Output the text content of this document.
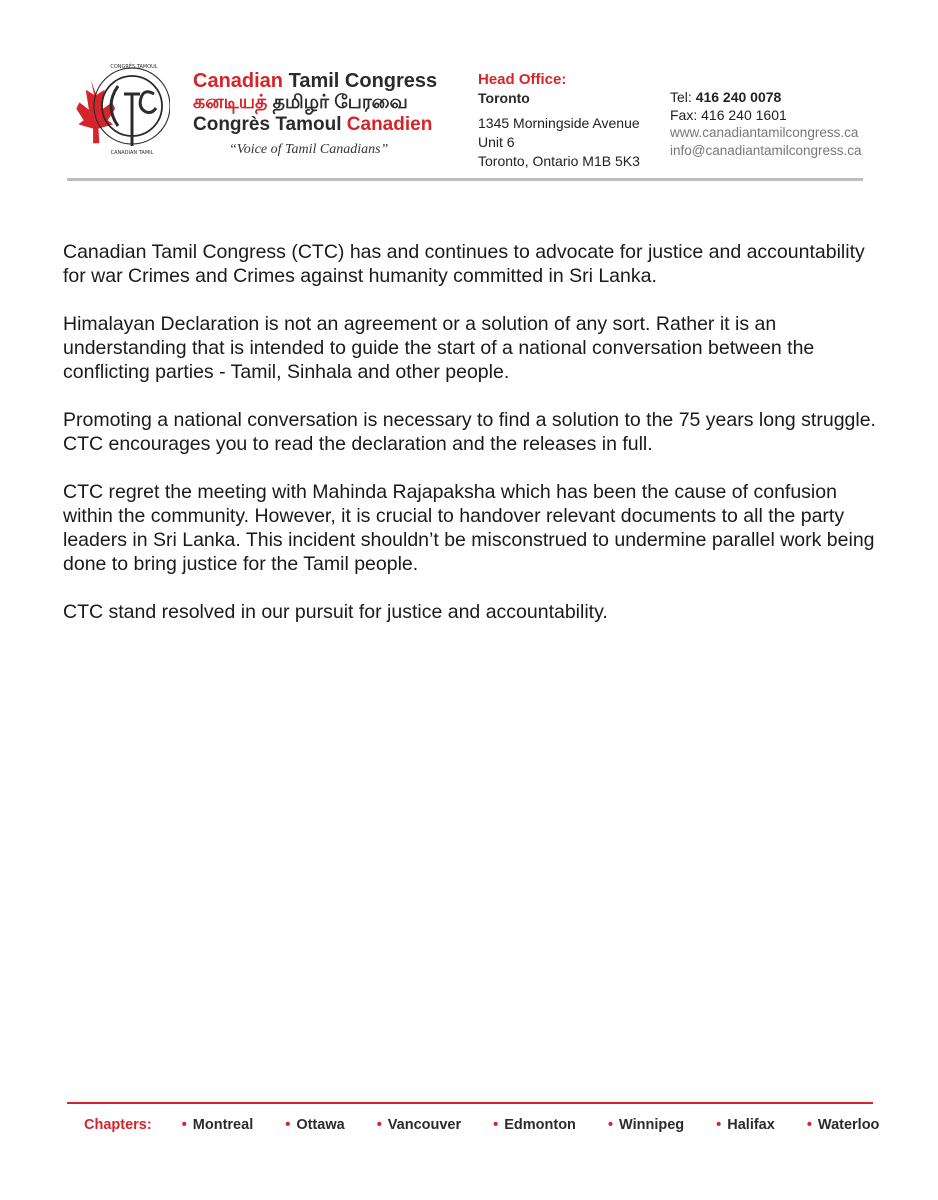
CONGRÈS TAMOUL
CANADIAN TAMIL
Canadian Tamil Congress
கனடியத் தமிழர் பேரவை
Congrès Tamoul Canadien
“Voice of Tamil Canadians”
Head Office:
Toronto
1345 Morningside Avenue
Unit 6
Toronto, Ontario M1B 5K3
Tel: 416 240 0078
Fax: 416 240 1601
www.canadiantamilcongress.ca
info@canadiantamilcongress.ca

Canadian Tamil Congress (CTC) has and continues to advocate for justice and accountability for war Crimes and Crimes against humanity committed in Sri Lanka.

Himalayan Declaration is not an agreement or a solution of any sort. Rather it is an understanding that is intended to guide the start of a national conversation between the conflicting parties - Tamil, Sinhala and other people.

Promoting a national conversation is necessary to find a solution to the 75 years long struggle. CTC encourages you to read the declaration and the releases in full.

CTC regret the meeting with Mahinda Rajapaksha which has been the cause of confusion within the community. However, it is crucial to handover relevant documents to all the party leaders in Sri Lanka. This incident shouldn’t be misconstrued to undermine parallel work being done to bring justice for the Tamil people.

CTC stand resolved in our pursuit for justice and accountability.

Chapters: • Montreal • Ottawa • Vancouver • Edmonton • Winnipeg • Halifax • Waterloo
